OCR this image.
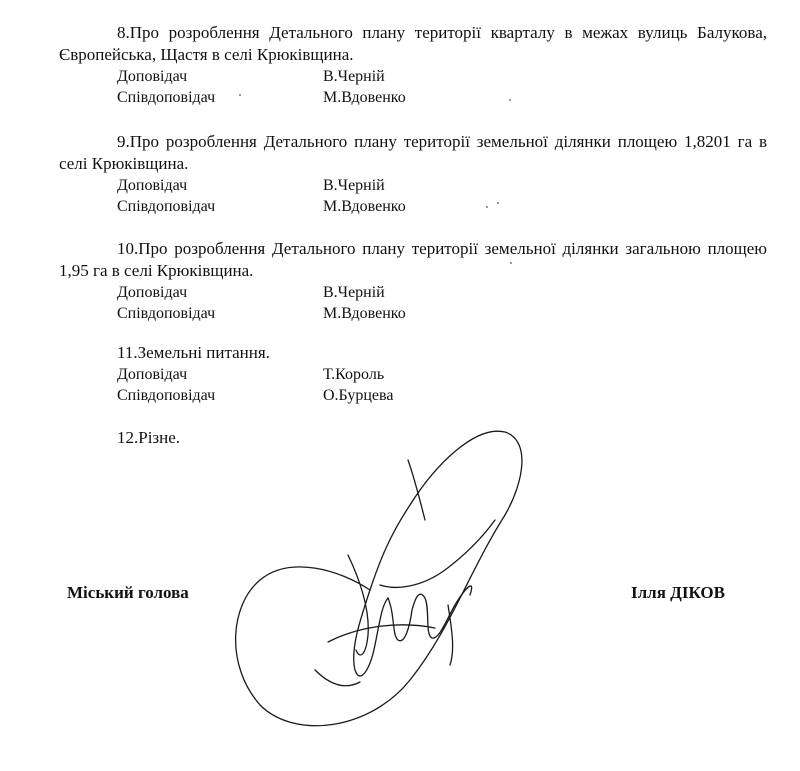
8.Про розроблення Детального плану території кварталу в межах вулиць Балукова, Європейська, Щастя в селі Крюківщина.

Доповідач	В.Черній
Співдоповідач	М.Вдовенко

9.Про розроблення Детального плану території земельної ділянки площею 1,8201 га в селі Крюківщина.

Доповідач	В.Черній
Співдоповідач	М.Вдовенко

10.Про розроблення Детального плану території земельної ділянки загальною площею 1,95 га в селі Крюківщина.

Доповідач	В.Черній
Співдоповідач	М.Вдовенко

11.Земельні питання.

Доповідач	Т.Король
Співдоповідач	О.Бурцева

12.Різне.

Міський голова	Ілля ДІКОВ
